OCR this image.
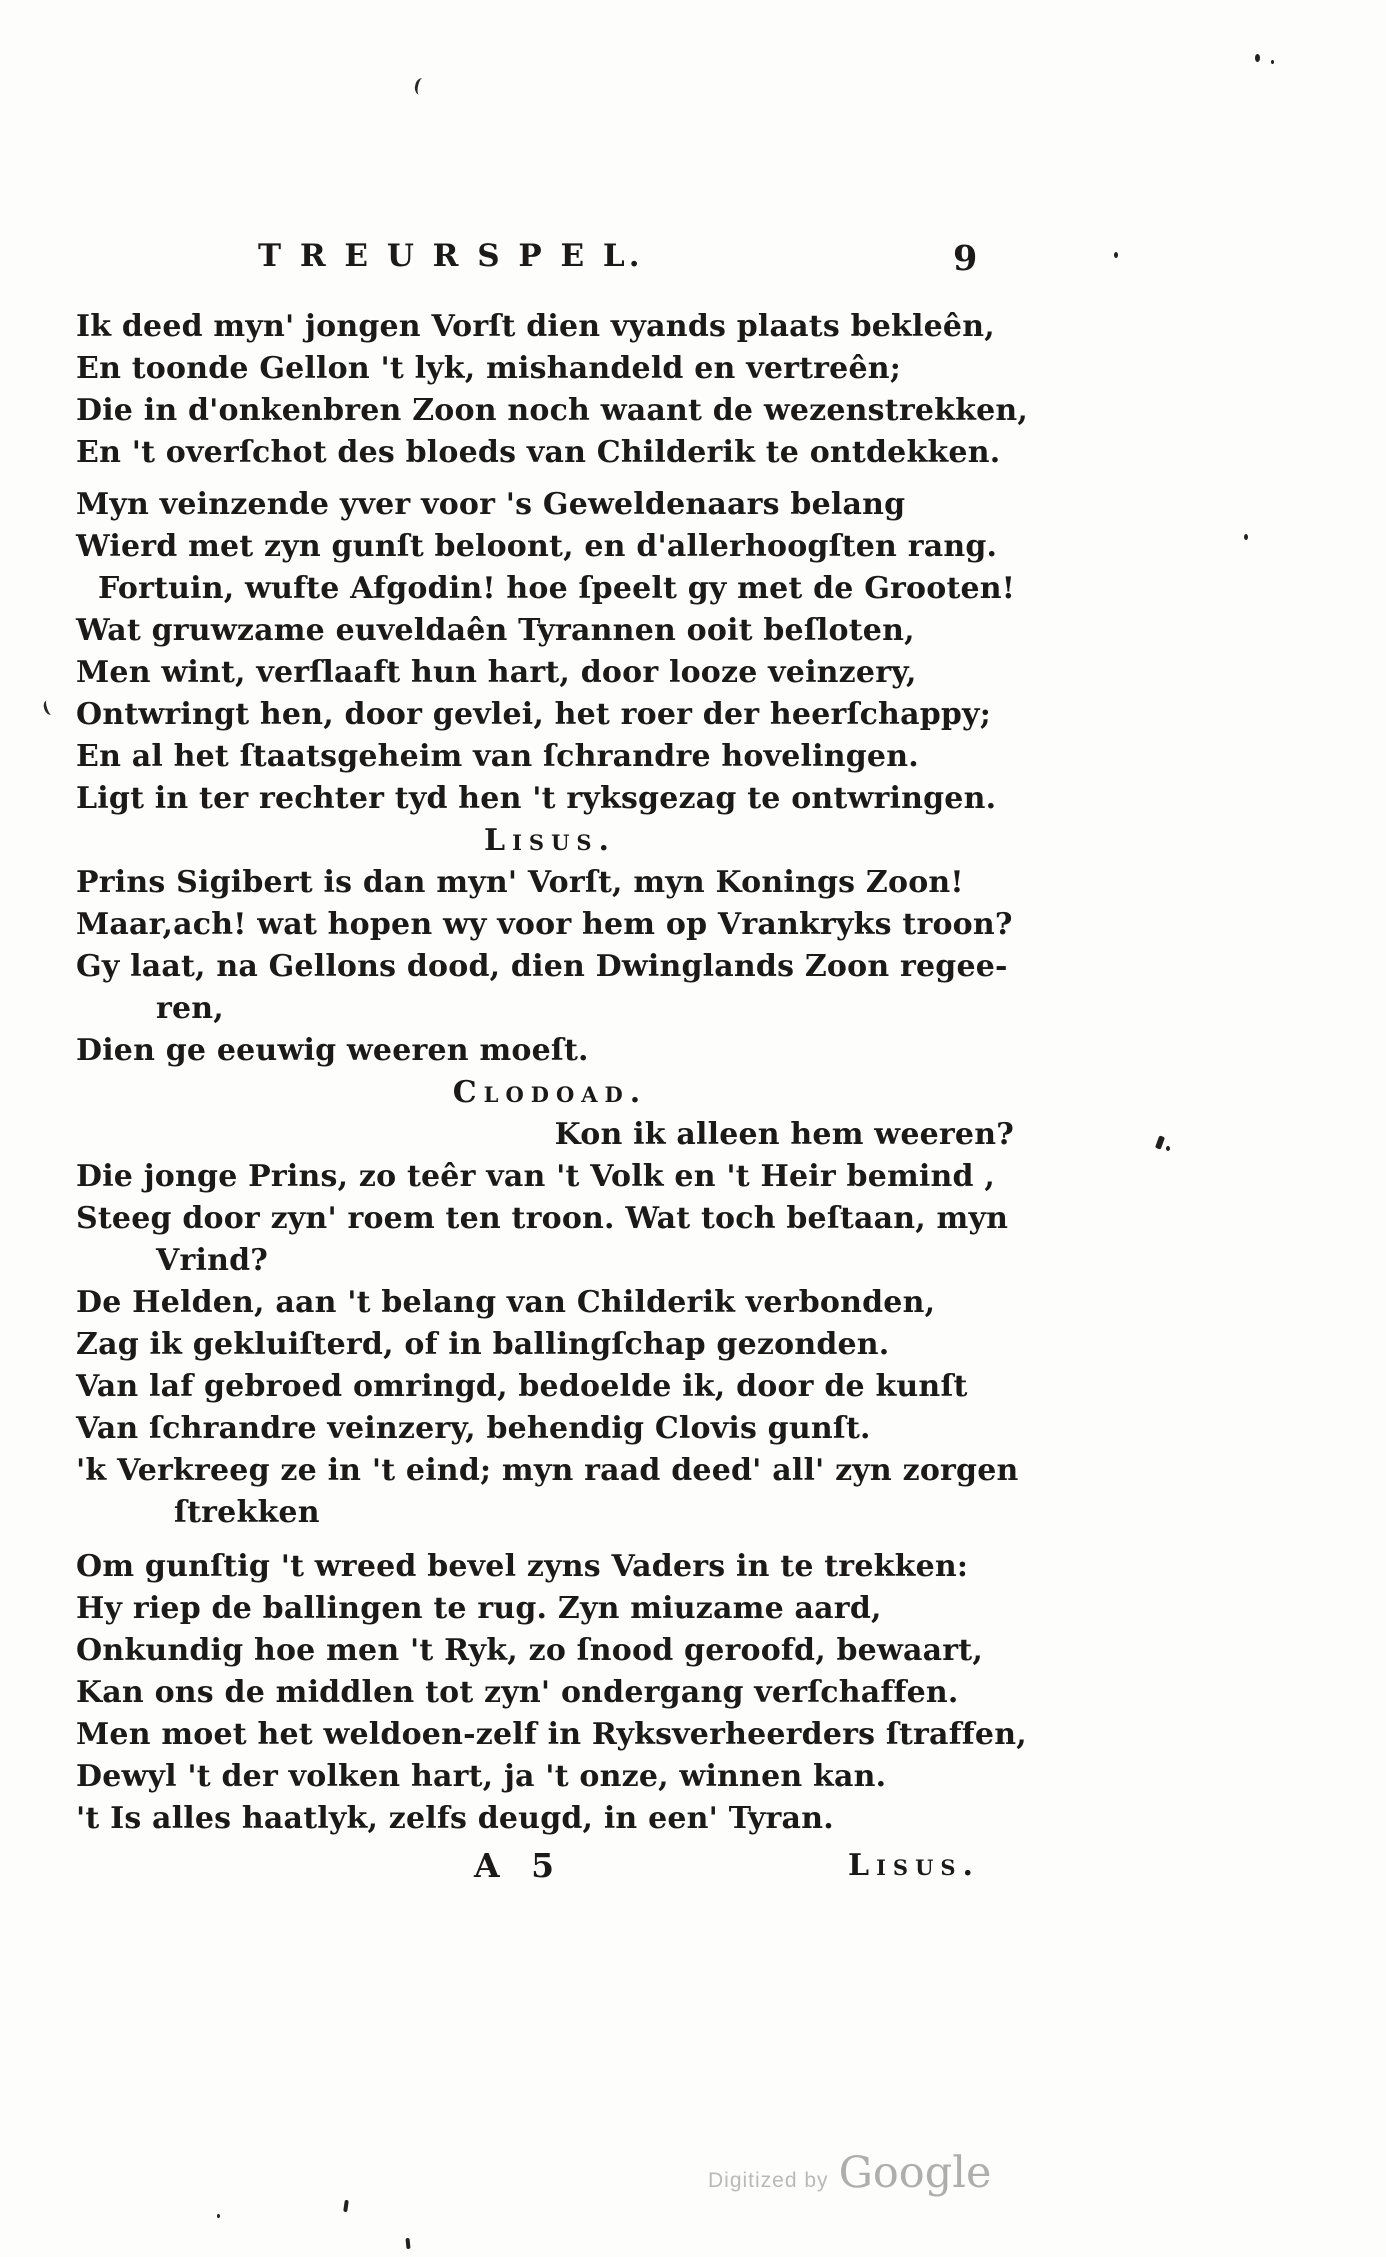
T R E U R S P E L.	9
Ik deed myn' jongen Vorſt dien vyands plaats bekleên,
En toonde Gellon 't lyk, mishandeld en vertreên;
Die in d'onkenbren Zoon noch waant de wezenstrekken,
En 't overſchot des bloeds van Childerik te ontdekken.
Myn veinzende yver voor 's Geweldenaars belang
Wierd met zyn gunſt beloont, en d'allerhoogſten rang.
Fortuin, wufte Afgodin! hoe ſpeelt gy met de Grooten!
Wat gruwzame euveldaên Tyrannen ooit beſloten,
Men wint, verſlaaft hun hart, door looze veinzery,
Ontwringt hen, door gevlei, het roer der heerſchappy;
En al het ſtaatsgeheim van ſchrandre hovelingen.
Ligt in ter rechter tyd hen 't ryksgezag te ontwringen.
Lisus.
Prins Sigibert is dan myn' Vorſt, myn Konings Zoon!
Maar,ach! wat hopen wy voor hem op Vrankryks troon?
Gy laat, na Gellons dood, dien Dwinglands Zoon regee-
ren,
Dien ge eeuwig weeren moeſt.
Clodoad.
Kon ik alleen hem weeren?
Die jonge Prins, zo teêr van 't Volk en 't Heir bemind ,
Steeg door zyn' roem ten troon. Wat toch beſtaan, myn
Vrind?
De Helden, aan 't belang van Childerik verbonden,
Zag ik gekluiſterd, of in ballingſchap gezonden.
Van laf gebroed omringd, bedoelde ik, door de kunſt
Van ſchrandre veinzery, behendig Clovis gunſt.
'k Verkreeg ze in 't eind; myn raad deed' all' zyn zorgen
ſtrekken
Om gunſtig 't wreed bevel zyns Vaders in te trekken:
Hy riep de ballingen te rug. Zyn miuzame aard,
Onkundig hoe men 't Ryk, zo ſnood geroofd, bewaart,
Kan ons de middlen tot zyn' ondergang verſchaffen.
Men moet het weldoen-zelf in Ryksverheerders ſtraffen,
Dewyl 't der volken hart, ja 't onze, winnen kan.
't Is alles haatlyk, zelfs deugd, in een' Tyran.
A 5	Lisus.
Digitized by Google
